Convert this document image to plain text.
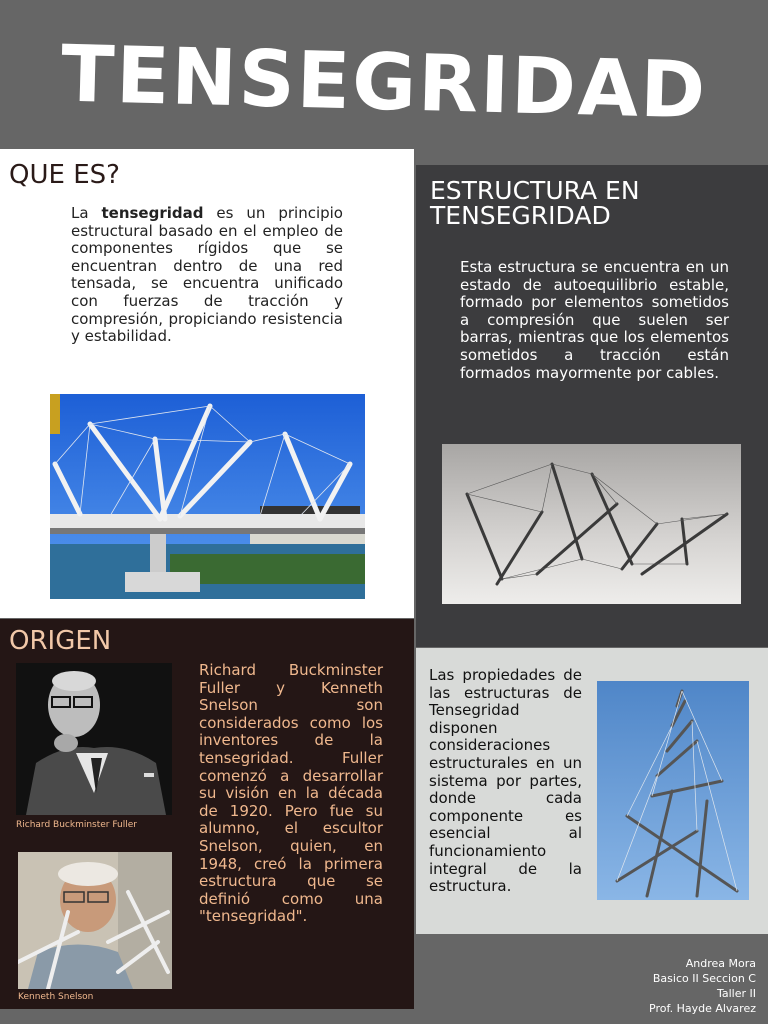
TENSEGRIDAD
QUE ES?
La tensegridad es un principio estructural basado en el empleo de componentes rígidos que se encuentran dentro de una red tensada, se encuentra unificado con fuerzas de tracción y compresión, propiciando resistencia y estabilidad.
ESTRUCTURA EN TENSEGRIDAD
Esta estructura se encuentra en un estado de autoequilibrio estable, formado por elementos sometidos a compresión que suelen ser barras, mientras que los elementos sometidos a tracción están formados mayormente por cables.
ORIGEN
Richard Buckminster Fuller y Kenneth Snelson son considerados como los inventores de la tensegridad. Fuller comenzó a desarrollar su visión en la década de 1920. Pero fue su alumno, el escultor Snelson, quien, en 1948, creó la primera estructura que se definió como una "tensegridad".
Richard Buckminster Fuller
Kenneth Snelson
Las propiedades de las estructuras de Tensegridad disponen consideraciones estructurales en un sistema por partes, donde cada componente es esencial al funcionamiento integral de la estructura.
Andrea Mora
Basico II Seccion C
Taller II
Prof. Hayde Alvarez
